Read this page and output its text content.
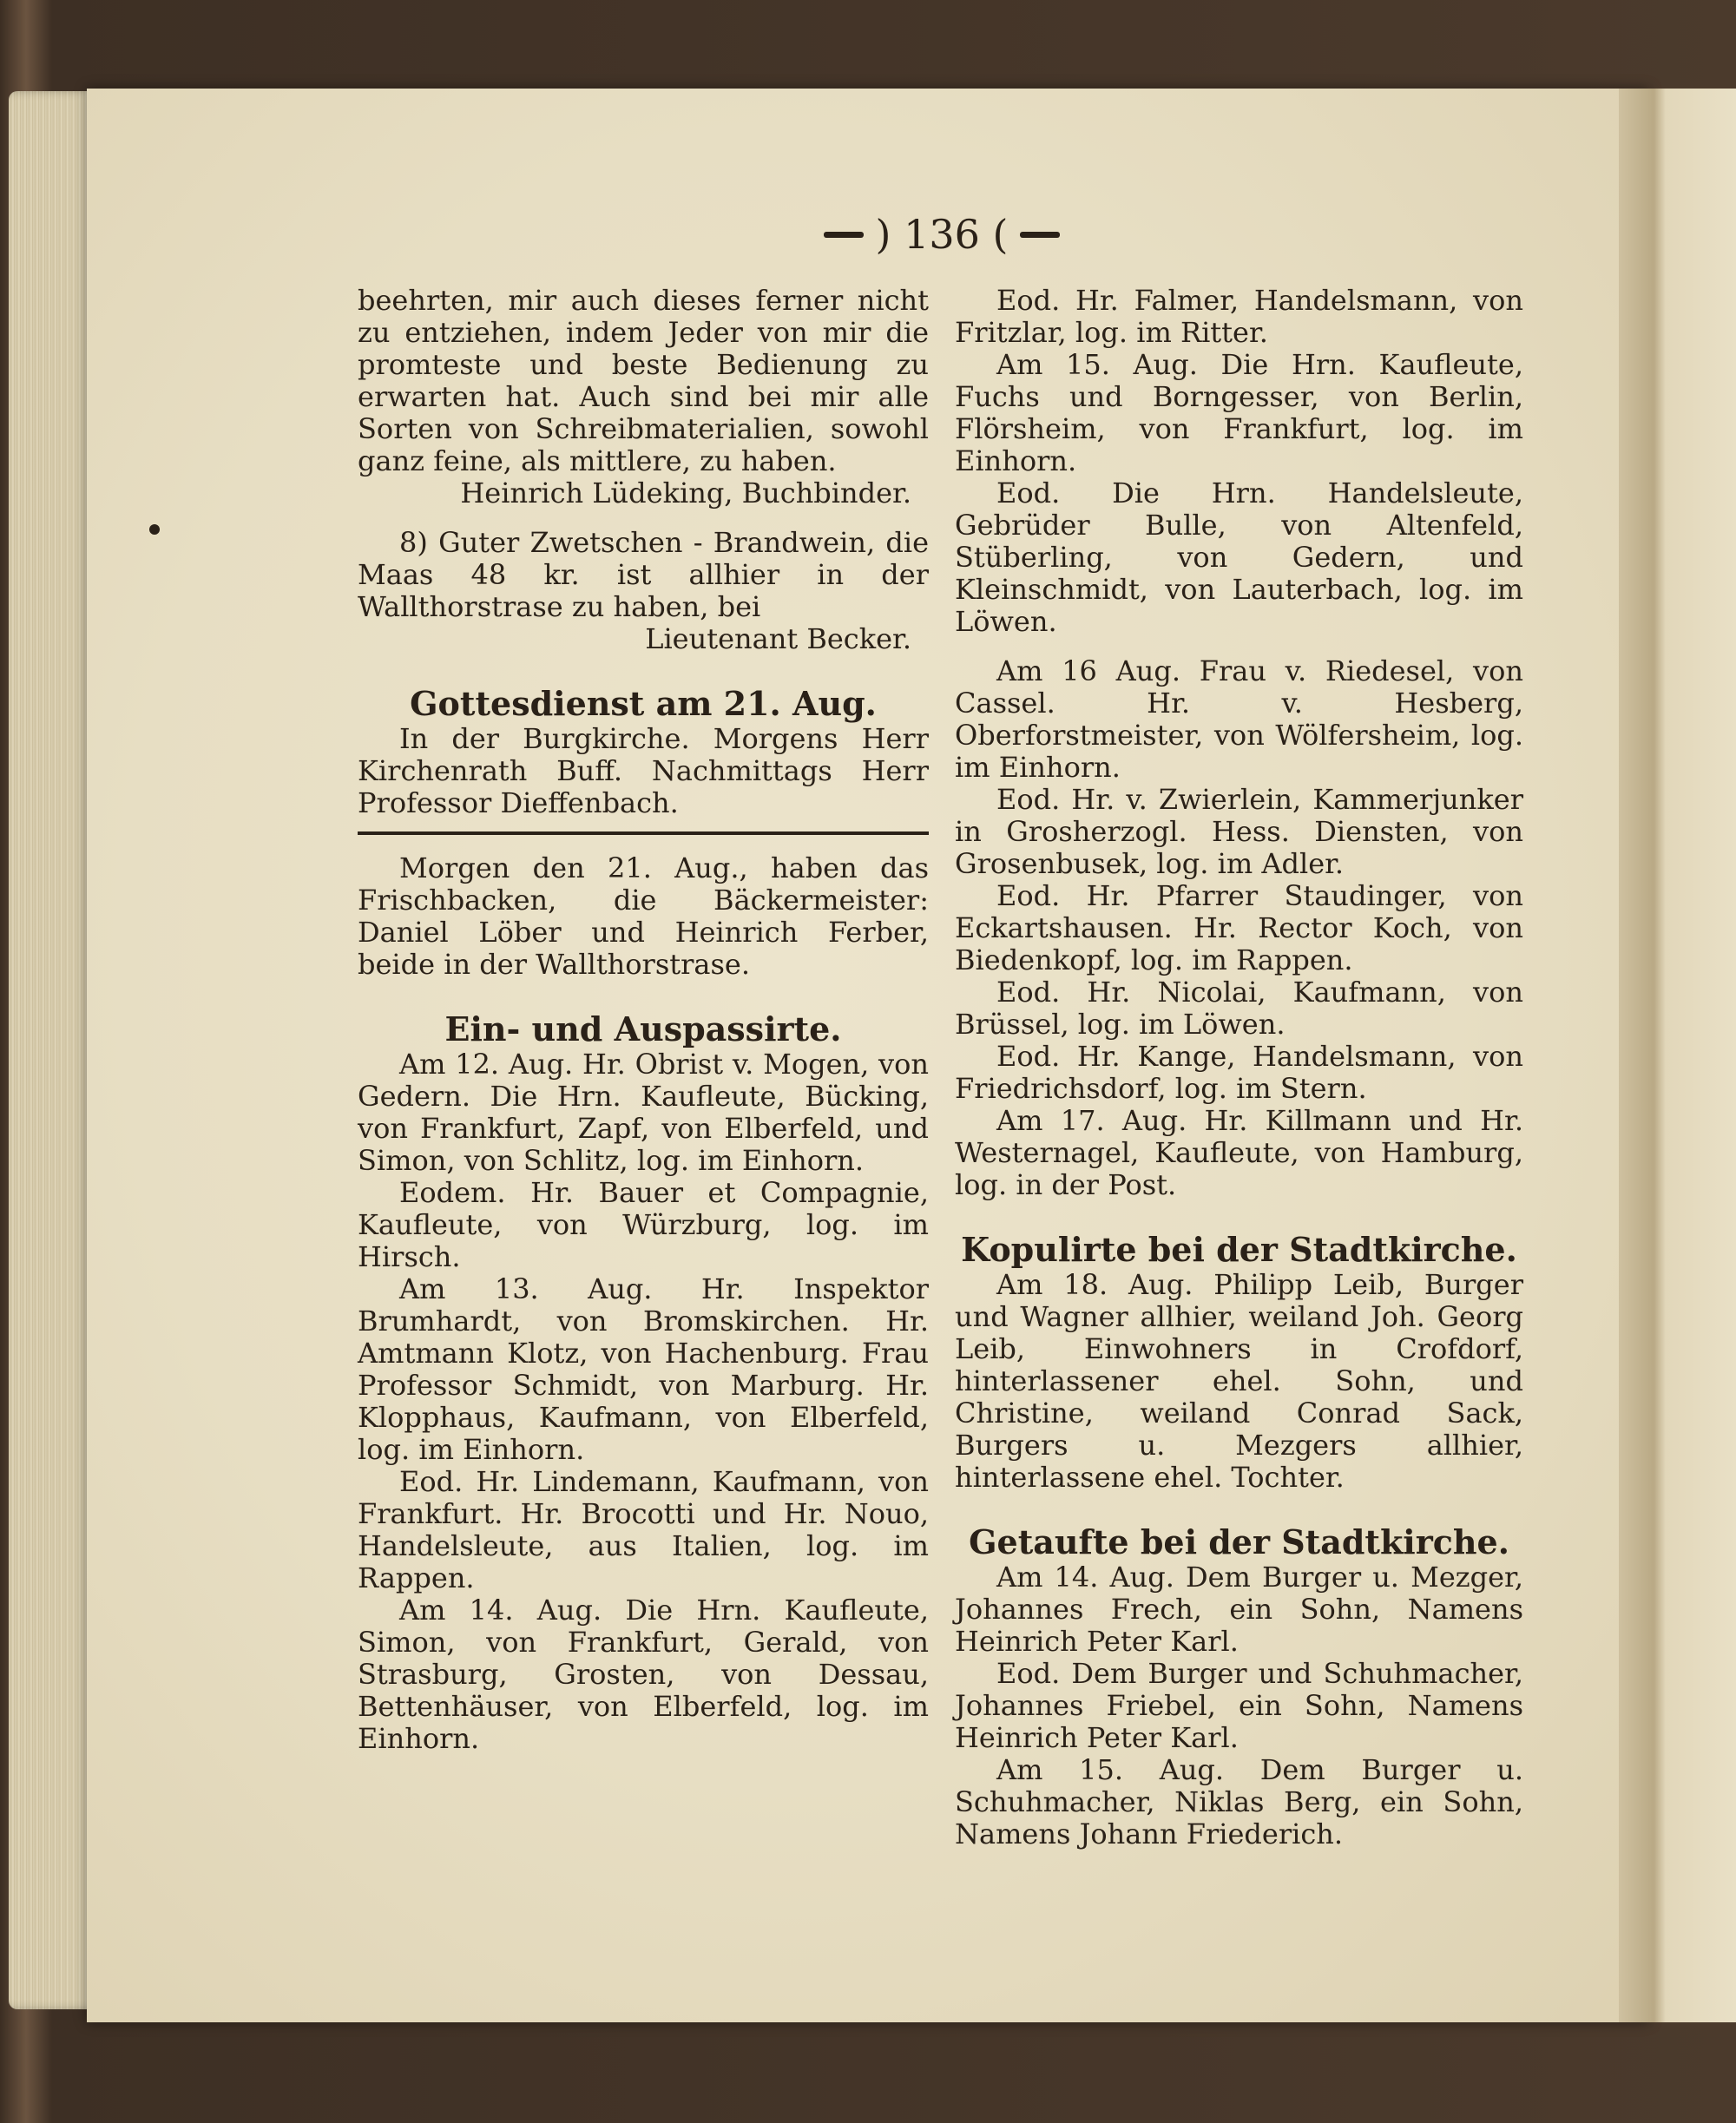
) 136 (

beehrten, mir auch dieses ferner nicht zu entziehen, indem Jeder von mir die promteste und beste Bedienung zu erwarten hat. Auch sind bei mir alle Sorten von Schreibmaterialien, sowohl ganz feine, als mittlere, zu haben.

Heinrich Lüdeking, Buchbinder.

8) Guter Zwetschen - Brandwein, die Maas 48 kr. ist allhier in der Wallthorstrase zu haben, bei

Lieutenant Becker.

Gottesdienst am 21. Aug.

In der Burgkirche. Morgens Herr Kirchenrath Buff. Nachmittags Herr Professor Dieffenbach.

Morgen den 21. Aug., haben das Frischbacken, die Bäckermeister: Daniel Löber und Heinrich Ferber, beide in der Wallthorstrase.

Ein- und Auspassirte.

Am 12. Aug. Hr. Obrist v. Mogen, von Gedern. Die Hrn. Kaufleute, Bücking, von Frankfurt, Zapf, von Elberfeld, und Simon, von Schlitz, log. im Einhorn.

Eodem. Hr. Bauer et Compagnie, Kaufleute, von Würzburg, log. im Hirsch.

Am 13. Aug. Hr. Inspektor Brumhardt, von Bromskirchen. Hr. Amtmann Klotz, von Hachenburg. Frau Professor Schmidt, von Marburg. Hr. Klopphaus, Kaufmann, von Elberfeld, log. im Einhorn.

Eod. Hr. Lindemann, Kaufmann, von Frankfurt. Hr. Brocotti und Hr. Nouo, Handelsleute, aus Italien, log. im Rappen.

Am 14. Aug. Die Hrn. Kaufleute, Simon, von Frankfurt, Gerald, von Strasburg, Grosten, von Dessau, Bettenhäuser, von Elberfeld, log. im Einhorn.

Eod. Hr. Falmer, Handelsmann, von Fritzlar, log. im Ritter.

Am 15. Aug. Die Hrn. Kaufleute, Fuchs und Borngesser, von Berlin, Flörsheim, von Frankfurt, log. im Einhorn.

Eod. Die Hrn. Handelsleute, Gebrüder Bulle, von Altenfeld, Stüberling, von Gedern, und Kleinschmidt, von Lauterbach, log. im Löwen.

Am 16 Aug. Frau v. Riedesel, von Cassel. Hr. v. Hesberg, Oberforstmeister, von Wölfersheim, log. im Einhorn.

Eod. Hr. v. Zwierlein, Kammerjunker in Grosherzogl. Hess. Diensten, von Grosenbusek, log. im Adler.

Eod. Hr. Pfarrer Staudinger, von Eckartshausen. Hr. Rector Koch, von Biedenkopf, log. im Rappen.

Eod. Hr. Nicolai, Kaufmann, von Brüssel, log. im Löwen.

Eod. Hr. Kange, Handelsmann, von Friedrichsdorf, log. im Stern.

Am 17. Aug. Hr. Killmann und Hr. Westernagel, Kaufleute, von Hamburg, log. in der Post.

Kopulirte bei der Stadtkirche.

Am 18. Aug. Philipp Leib, Burger und Wagner allhier, weiland Joh. Georg Leib, Einwohners in Crofdorf, hinterlassener ehel. Sohn, und Christine, weiland Conrad Sack, Burgers u. Mezgers allhier, hinterlassene ehel. Tochter.

Getaufte bei der Stadtkirche.

Am 14. Aug. Dem Burger u. Mezger, Johannes Frech, ein Sohn, Namens Heinrich Peter Karl.

Eod. Dem Burger und Schuhmacher, Johannes Friebel, ein Sohn, Namens Heinrich Peter Karl.

Am 15. Aug. Dem Burger u. Schuhmacher, Niklas Berg, ein Sohn, Namens Johann Friederich.
